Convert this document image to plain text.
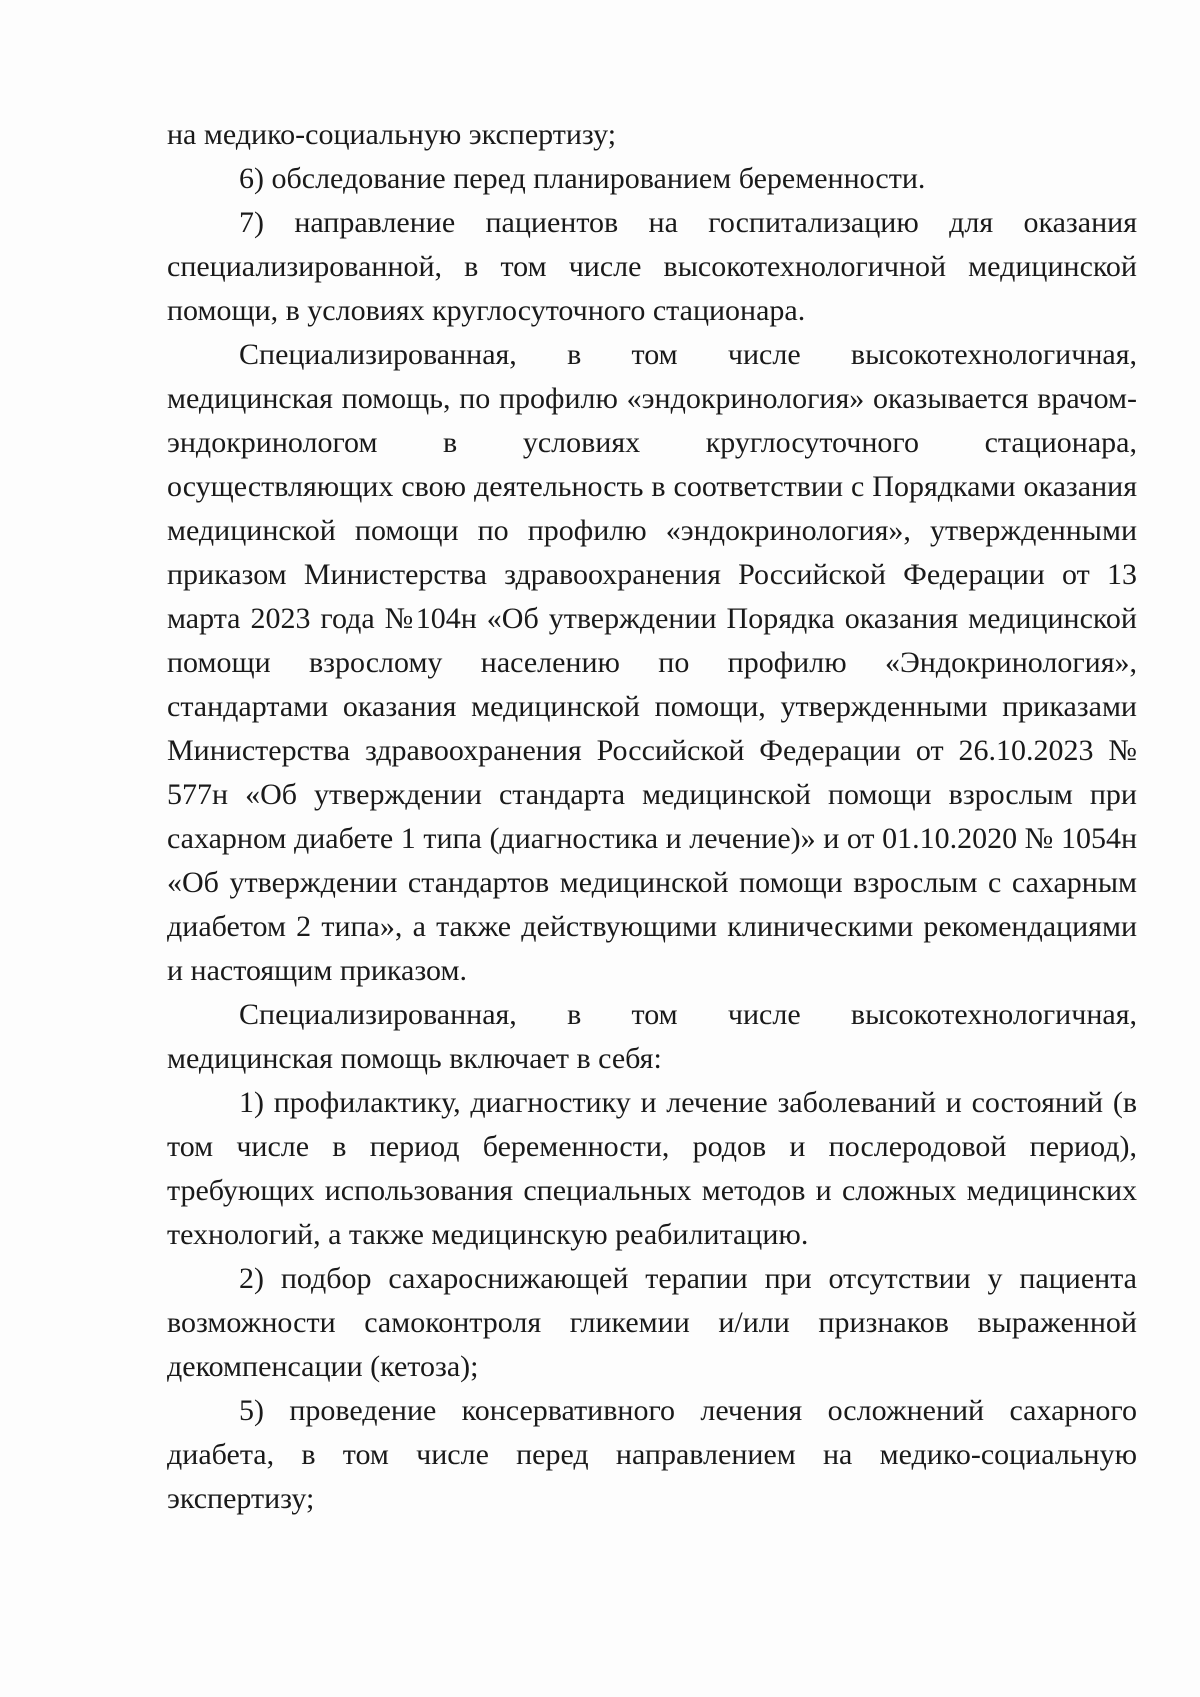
на медико-социальную экспертизу;

6) обследование перед планированием беременности.

7) направление пациентов на госпитализацию для оказания специализированной, в том числе высокотехнологичной медицинской помощи, в условиях круглосуточного стационара.

Специализированная, в том числе высокотехнологичная, медицинская помощь, по профилю «эндокринология» оказывается врачом-эндокринологом в условиях круглосуточного стационара, осуществляющих свою деятельность в соответствии с Порядками оказания медицинской помощи по профилю «эндокринология», утвержденными приказом Министерства здравоохранения Российской Федерации от 13 марта 2023 года №104н «Об утверждении Порядка оказания медицинской помощи взрослому населению по профилю «Эндокринология», стандартами оказания медицинской помощи, утвержденными приказами Министерства здравоохранения Российской Федерации от 26.10.2023 № 577н «Об утверждении стандарта медицинской помощи взрослым при сахарном диабете 1 типа (диагностика и лечение)» и от 01.10.2020 № 1054н «Об утверждении стандартов медицинской помощи взрослым с сахарным диабетом 2 типа», а также действующими клиническими рекомендациями и настоящим приказом.

Специализированная, в том числе высокотехнологичная, медицинская помощь включает в себя:

1) профилактику, диагностику и лечение заболеваний и состояний (в том числе в период беременности, родов и послеродовой период), требующих использования специальных методов и сложных медицинских технологий, а также медицинскую реабилитацию.

2) подбор сахароснижающей терапии при отсутствии у пациента возможности самоконтроля гликемии и/или признаков выраженной декомпенсации (кетоза);

5) проведение консервативного лечения осложнений сахарного диабета, в том числе перед направлением на медико-социальную экспертизу;
